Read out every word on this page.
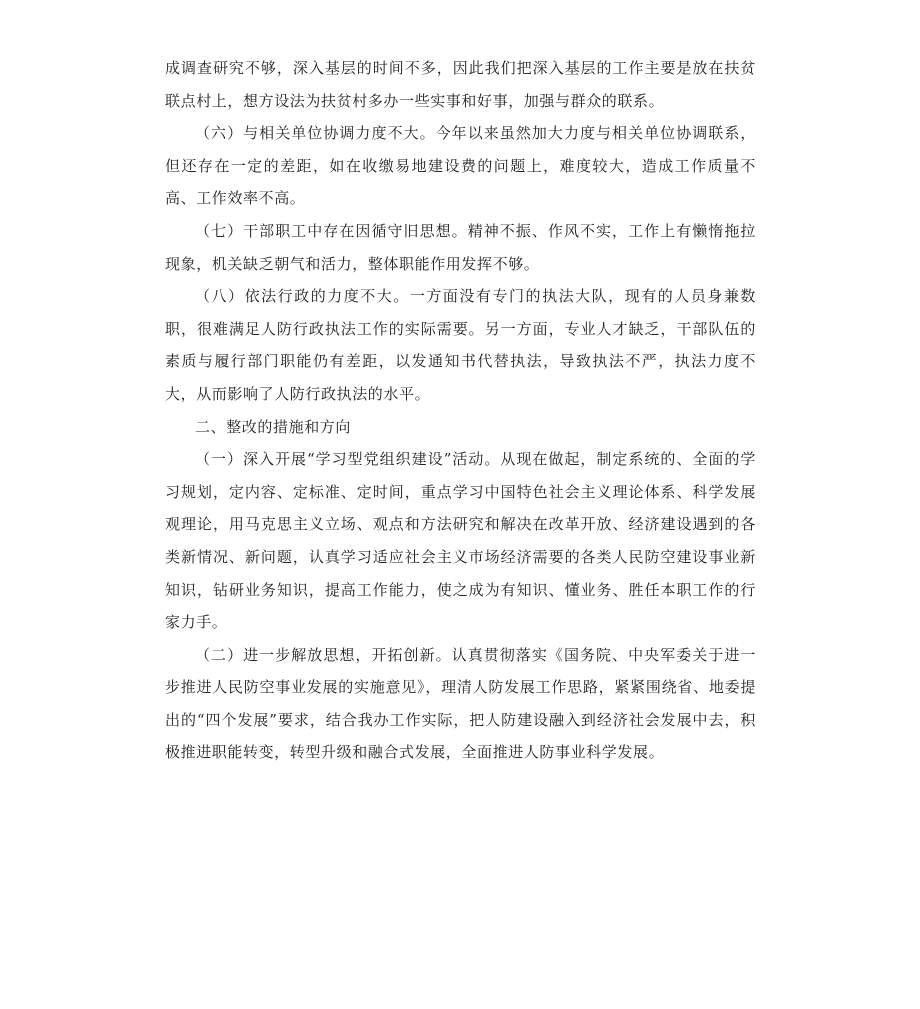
成调查研究不够，深入基层的时间不多，因此我们把深入基层的工作主要是放在扶贫联点村上，想方设法为扶贫村多办一些实事和好事，加强与群众的联系。

（六）与相关单位协调力度不大。今年以来虽然加大力度与相关单位协调联系，但还存在一定的差距，如在收缴易地建设费的问题上，难度较大，造成工作质量不高、工作效率不高。

（七）干部职工中存在因循守旧思想。精神不振、作风不实，工作上有懒惰拖拉现象，机关缺乏朝气和活力，整体职能作用发挥不够。

（八）依法行政的力度不大。一方面没有专门的执法大队，现有的人员身兼数职，很难满足人防行政执法工作的实际需要。另一方面，专业人才缺乏，干部队伍的素质与履行部门职能仍有差距，以发通知书代替执法，导致执法不严，执法力度不大，从而影响了人防行政执法的水平。

二、整改的措施和方向

（一）深入开展“学习型党组织建设”活动。从现在做起，制定系统的、全面的学习规划，定内容、定标准、定时间，重点学习中国特色社会主义理论体系、科学发展观理论，用马克思主义立场、观点和方法研究和解决在改革开放、经济建设遇到的各类新情况、新问题，认真学习适应社会主义市场经济需要的各类人民防空建设事业新知识，钻研业务知识，提高工作能力，使之成为有知识、懂业务、胜任本职工作的行家力手。

（二）进一步解放思想，开拓创新。认真贯彻落实《国务院、中央军委关于进一步推进人民防空事业发展的实施意见》，理清人防发展工作思路，紧紧围绕省、地委提出的“四个发展”要求，结合我办工作实际，把人防建设融入到经济社会发展中去，积极推进职能转变，转型升级和融合式发展，全面推进人防事业科学发展。
